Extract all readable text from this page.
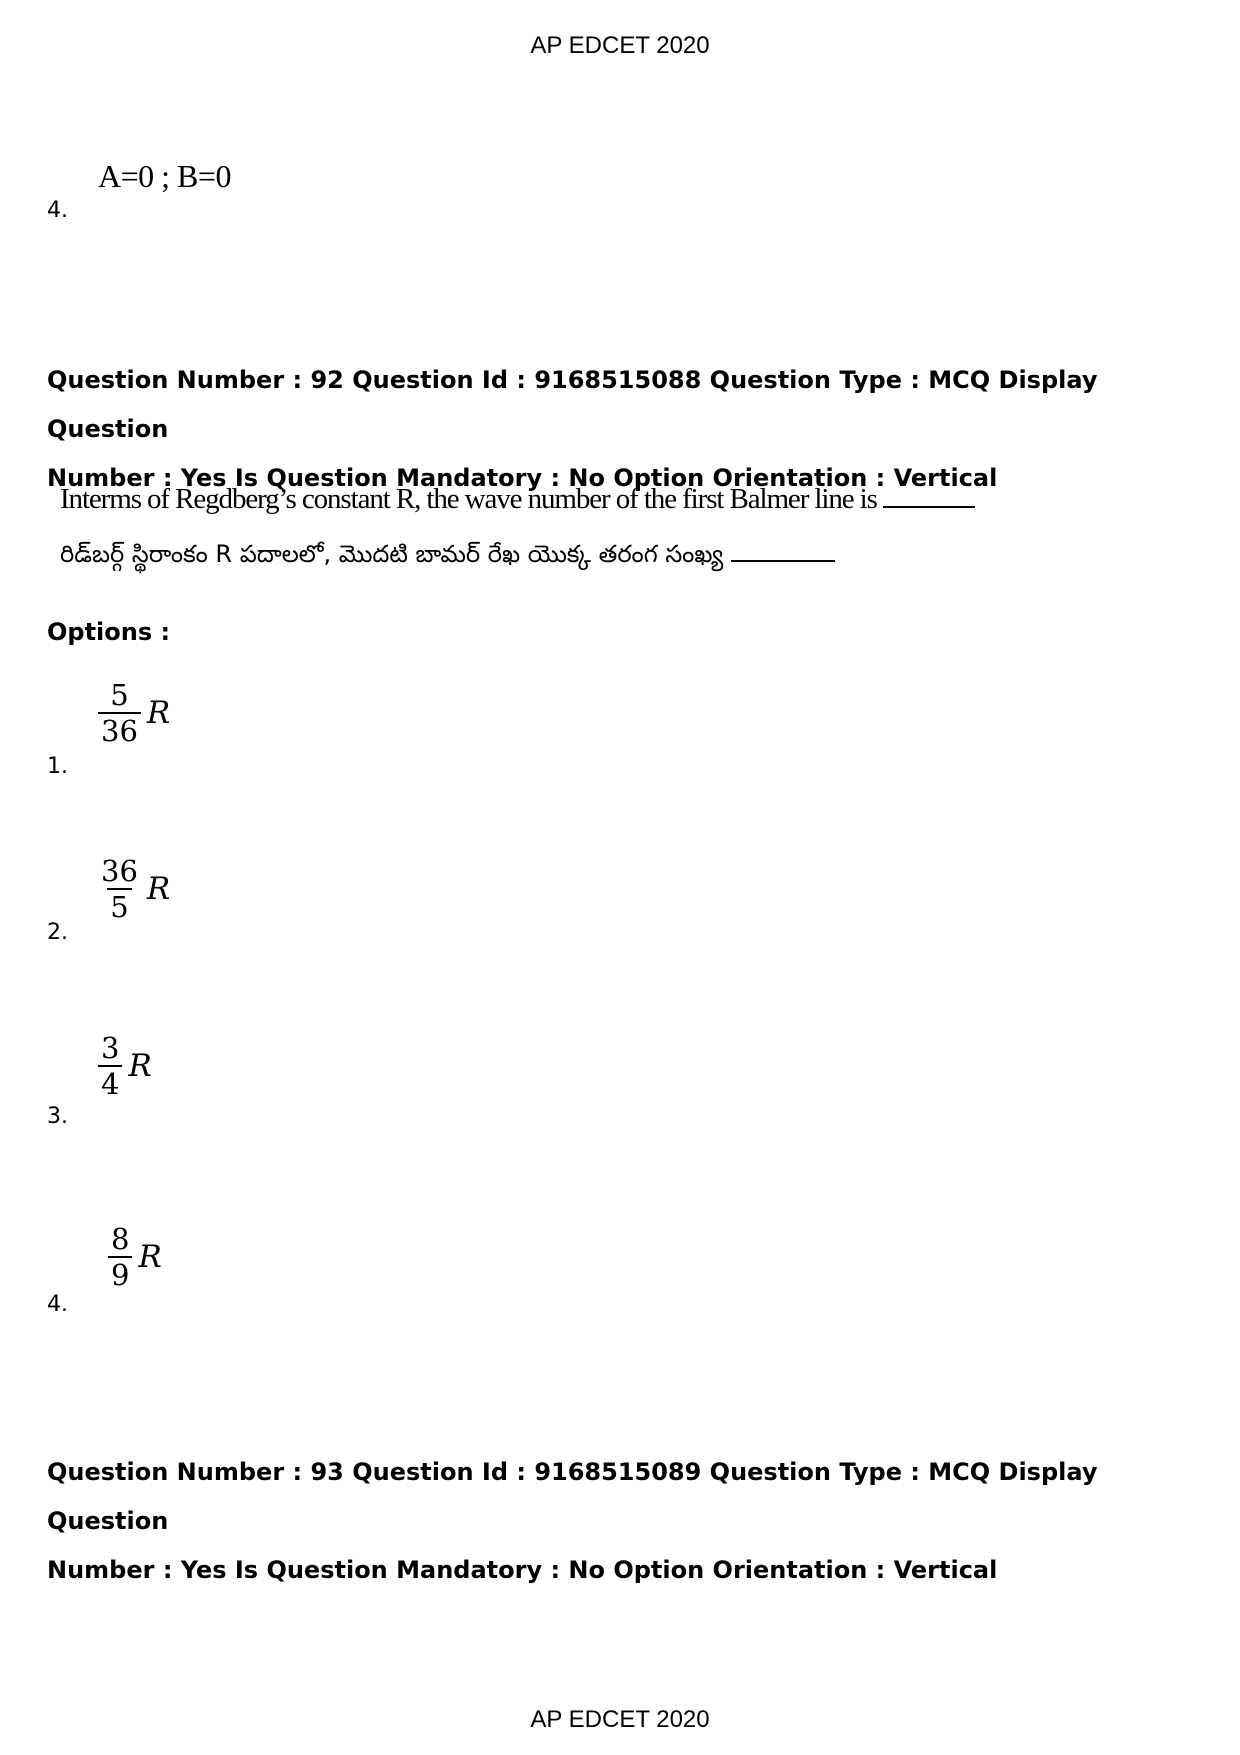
AP EDCET 2020
A=0 ; B=0
4.
Question Number : 92 Question Id : 9168515088 Question Type : MCQ Display Question
Number : Yes Is Question Mandatory : No Option Orientation : Vertical
Interms of Regdberg’s constant R, the wave number of the first Balmer line is
రిడ్‌బర్గ్ స్థిరాంకం R పదాలలో, మొదటి బామర్ రేఖ యొక్క తరంగ సంఖ్య
Options :
$\frac{5}{36}$ R
1.
$\frac{36}{5}$ R
2.
$\frac{3}{4}$ R
3.
$\frac{8}{9}$ R
4.
Question Number : 93 Question Id : 9168515089 Question Type : MCQ Display Question
Number : Yes Is Question Mandatory : No Option Orientation : Vertical
AP EDCET 2020
